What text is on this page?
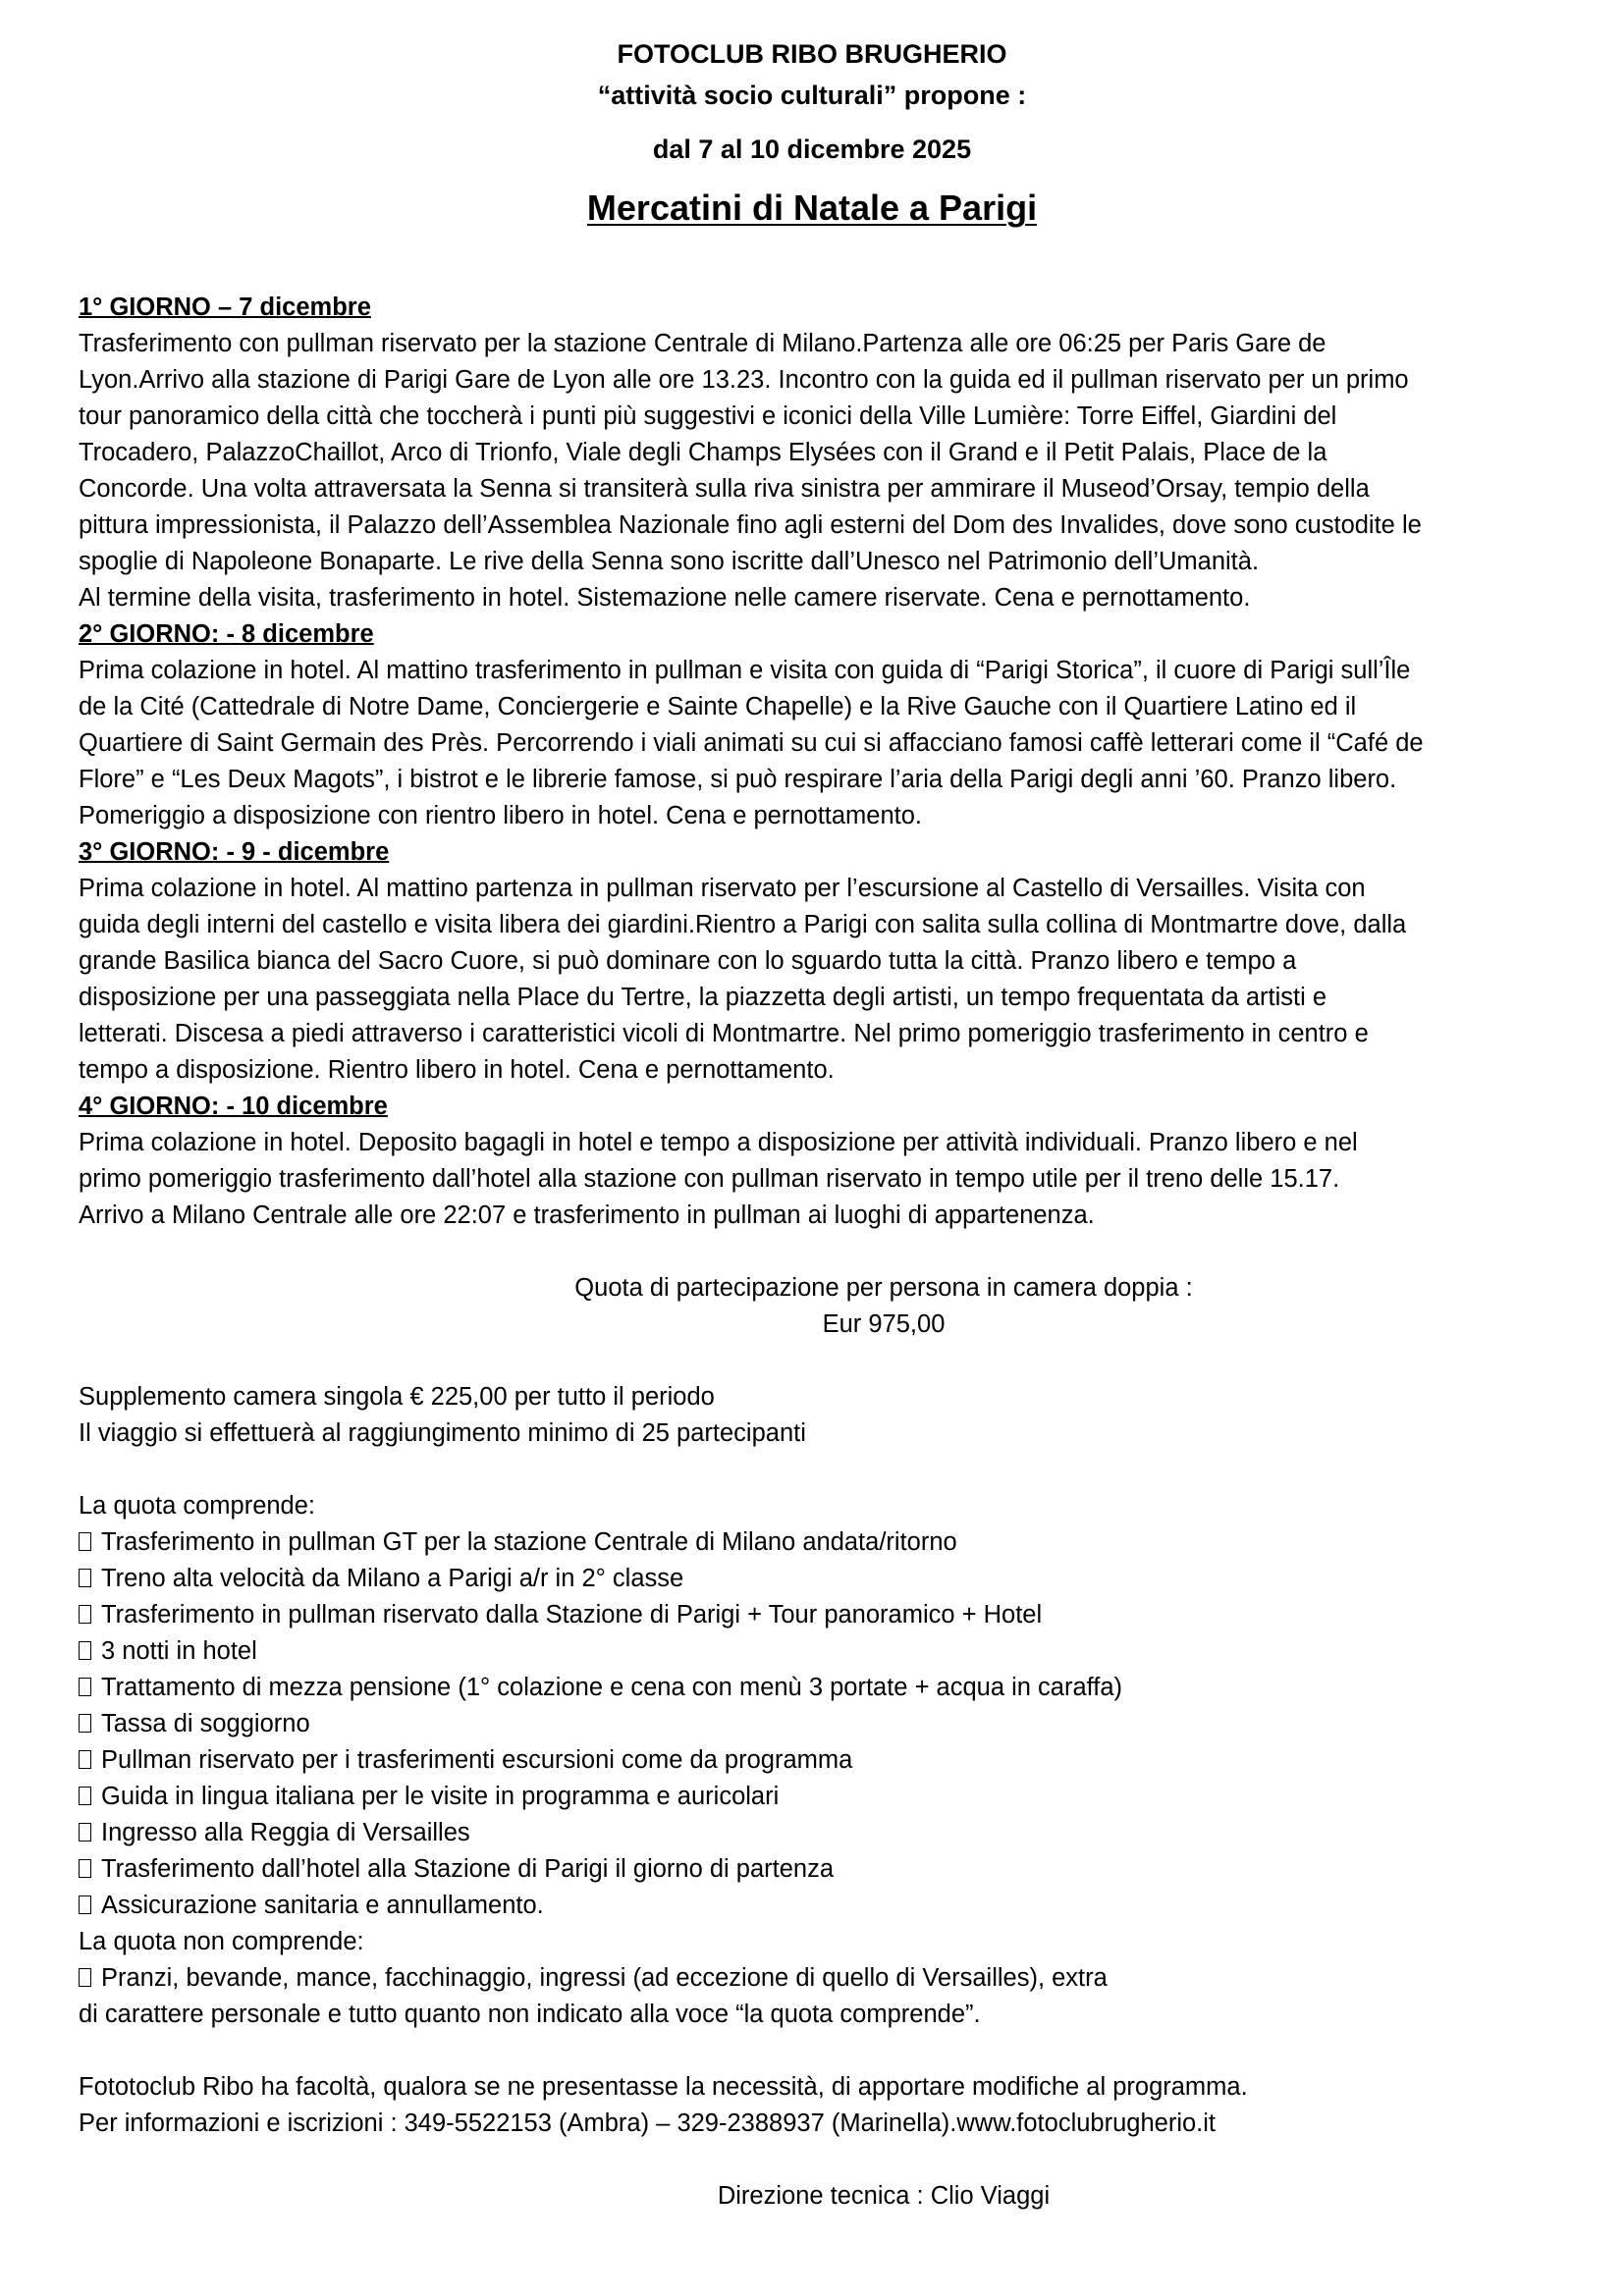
FOTOCLUB RIBO BRUGHERIO
“attività socio culturali” propone :
dal 7 al 10 dicembre 2025
Mercatini di Natale a Parigi
1° GIORNO – 7 dicembre
Trasferimento con pullman riservato per la stazione Centrale di Milano.Partenza alle ore 06:25 per Paris Gare de
Lyon.Arrivo alla stazione di Parigi Gare de Lyon alle ore 13.23. Incontro con la guida ed il pullman riservato per un primo
tour panoramico della città che toccherà i punti più suggestivi e iconici della Ville Lumière: Torre Eiffel, Giardini del
Trocadero, PalazzoChaillot, Arco di Trionfo, Viale degli Champs Elysées con il Grand e il Petit Palais, Place de la
Concorde. Una volta attraversata la Senna si transiterà sulla riva sinistra per ammirare il Museod’Orsay, tempio della
pittura impressionista, il Palazzo dell’Assemblea Nazionale fino agli esterni del Dom des Invalides, dove sono custodite le
spoglie di Napoleone Bonaparte. Le rive della Senna sono iscritte dall’Unesco nel Patrimonio dell’Umanità.
Al termine della visita, trasferimento in hotel. Sistemazione nelle camere riservate. Cena e pernottamento.
2° GIORNO: - 8 dicembre
Prima colazione in hotel. Al mattino trasferimento in pullman e visita con guida di “Parigi Storica”, il cuore di Parigi sull’Île
de la Cité (Cattedrale di Notre Dame, Conciergerie e Sainte Chapelle) e la Rive Gauche con il Quartiere Latino ed il
Quartiere di Saint Germain des Près. Percorrendo i viali animati su cui si affacciano famosi caffè letterari come il “Café de
Flore” e “Les Deux Magots”, i bistrot e le librerie famose, si può respirare l’aria della Parigi degli anni ’60. Pranzo libero.
Pomeriggio a disposizione con rientro libero in hotel. Cena e pernottamento.
3° GIORNO: - 9 - dicembre
Prima colazione in hotel. Al mattino partenza in pullman riservato per l’escursione al Castello di Versailles. Visita con
guida degli interni del castello e visita libera dei giardini.Rientro a Parigi con salita sulla collina di Montmartre dove, dalla
grande Basilica bianca del Sacro Cuore, si può dominare con lo sguardo tutta la città. Pranzo libero e tempo a
disposizione per una passeggiata nella Place du Tertre, la piazzetta degli artisti, un tempo frequentata da artisti e
letterati. Discesa a piedi attraverso i caratteristici vicoli di Montmartre. Nel primo pomeriggio trasferimento in centro e
tempo a disposizione. Rientro libero in hotel. Cena e pernottamento.
4° GIORNO: - 10 dicembre
Prima colazione in hotel. Deposito bagagli in hotel e tempo a disposizione per attività individuali. Pranzo libero e nel
primo pomeriggio trasferimento dall’hotel alla stazione con pullman riservato in tempo utile per il treno delle 15.17.
Arrivo a Milano Centrale alle ore 22:07 e trasferimento in pullman ai luoghi di appartenenza.
Quota di partecipazione per persona in camera doppia :
Eur 975,00
Supplemento camera singola € 225,00 per tutto il periodo
Il viaggio si effettuerà al raggiungimento minimo di 25 partecipanti
La quota comprende:
Trasferimento in pullman GT per la stazione Centrale di Milano andata/ritorno
Treno alta velocità da Milano a Parigi a/r in 2° classe
Trasferimento in pullman riservato dalla Stazione di Parigi + Tour panoramico + Hotel
3 notti in hotel
Trattamento di mezza pensione (1° colazione e cena con menù 3 portate + acqua in caraffa)
Tassa di soggiorno
Pullman riservato per i trasferimenti escursioni come da programma
Guida in lingua italiana per le visite in programma e auricolari
Ingresso alla Reggia di Versailles
Trasferimento dall’hotel alla Stazione di Parigi il giorno di partenza
Assicurazione sanitaria e annullamento.
La quota non comprende:
Pranzi, bevande, mance, facchinaggio, ingressi (ad eccezione di quello di Versailles), extra
di carattere personale e tutto quanto non indicato alla voce “la quota comprende”.
Fototoclub Ribo ha facoltà, qualora se ne presentasse la necessità, di apportare modifiche al programma.
Per informazioni e iscrizioni : 349-5522153 (Ambra) – 329-2388937 (Marinella).www.fotoclubrugherio.it
Direzione tecnica : Clio Viaggi
